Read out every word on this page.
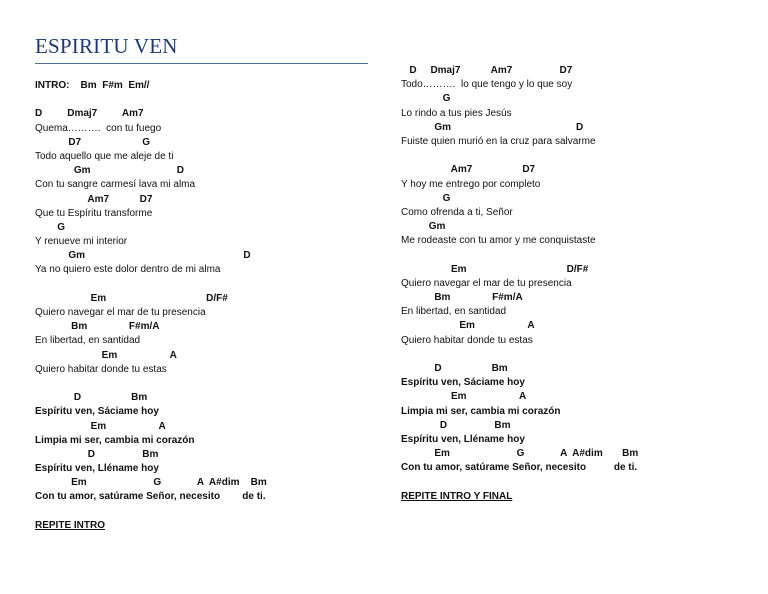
ESPIRITU VEN
INTRO:    Bm  F#m  Em//
D         Dmaj7         Am7
Quema……….  con tu fuego
D7                      G
Todo aquello que me aleje de ti
Gm                               D
Con tu sangre carmesí lava mi alma
Am7           D7
Que tu Espíritu transforme
G
Y renueve mi interior
Gm                                                         D
Ya no quiero este dolor dentro de mi alma
Em                                    D/F#
Quiero navegar el mar de tu presencia
Bm               F#m/A
En libertad, en santidad
Em                   A
Quiero habitar donde tu estas
D                  Bm
Espíritu ven, Sáciame hoy
Em                   A
Limpia mi ser, cambia mi corazón
D                 Bm
Espíritu ven, Lléname hoy
Em                        G             A  A#dim    Bm
Con tu amor, satúrame Señor, necesito        de ti.
REPITE INTRO
D     Dmaj7           Am7                 D7
Todo……….  lo que tengo y lo que soy
G
Lo rindo a tus pies Jesús
Gm                                             D
Fuiste quien murió en la cruz para salvarme
Am7                  D7
Y hoy me entrego por completo
G
Como ofrenda a ti, Señor
Gm
Me rodeaste con tu amor y me conquistaste
Em                                    D/F#
Quiero navegar el mar de tu presencia
Bm               F#m/A
En libertad, en santidad
Em                   A
Quiero habitar donde tu estas
D                  Bm
Espíritu ven, Sáciame hoy
Em                   A
Limpia mi ser, cambia mi corazón
D                 Bm
Espíritu ven, Lléname hoy
Em                        G             A  A#dim       Bm
Con tu amor, satúrame Señor, necesito          de ti.
REPITE INTRO Y FINAL
